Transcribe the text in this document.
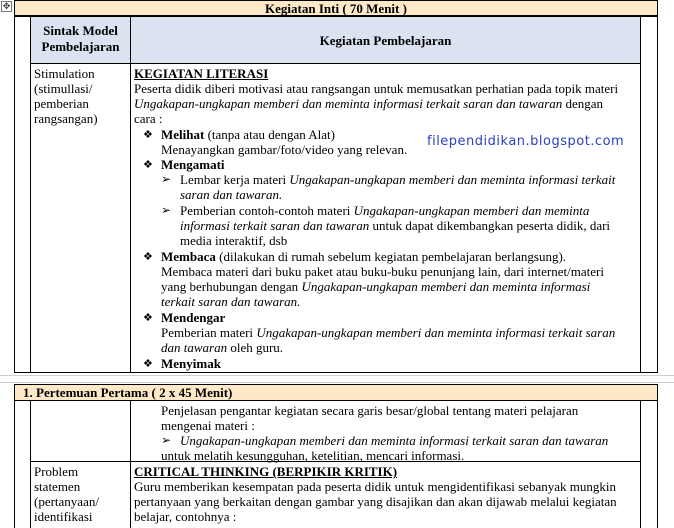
✥	Kegiatan Inti ( 70 Menit )
Sintak Model
Pembelajaran	Kegiatan Pembelajaran
Stimulation
(stimullasi/
pemberian
rangsangan)
KEGIATAN LITERASI
Peserta didik diberi motivasi atau rangsangan untuk memusatkan perhatian pada topik materi
Ungakapan-ungkapan memberi dan meminta informasi terkait saran dan tawaran dengan
cara :
❖ Melihat (tanpa atau dengan Alat)
Menayangkan gambar/foto/video yang relevan.
filependidikan.blogspot.com
❖ Mengamati
➢ Lembar kerja materi Ungakapan-ungkapan memberi dan meminta informasi terkait
saran dan tawaran.
➢ Pemberian contoh-contoh materi Ungakapan-ungkapan memberi dan meminta
informasi terkait saran dan tawaran untuk dapat dikembangkan peserta didik, dari
media interaktif, dsb
❖ Membaca (dilakukan di rumah sebelum kegiatan pembelajaran berlangsung).
Membaca materi dari buku paket atau buku-buku penunjang lain, dari internet/materi
yang berhubungan dengan Ungakapan-ungkapan memberi dan meminta informasi
terkait saran dan tawaran.
❖ Mendengar
Pemberian materi Ungakapan-ungkapan memberi dan meminta informasi terkait saran
dan tawaran oleh guru.
❖ Menyimak
1. Pertemuan Pertama ( 2 x 45 Menit)
Penjelasan pengantar kegiatan secara garis besar/global tentang materi pelajaran
mengenai materi :
➢ Ungakapan-ungkapan memberi dan meminta informasi terkait saran dan tawaran
untuk melatih kesungguhan, ketelitian, mencari informasi.
Problem
statemen
(pertanyaan/
identifikasi
CRITICAL THINKING (BERPIKIR KRITIK)
Guru memberikan kesempatan pada peserta didik untuk mengidentifikasi sebanyak mungkin
pertanyaan yang berkaitan dengan gambar yang disajikan dan akan dijawab melalui kegiatan
belajar, contohnya :
